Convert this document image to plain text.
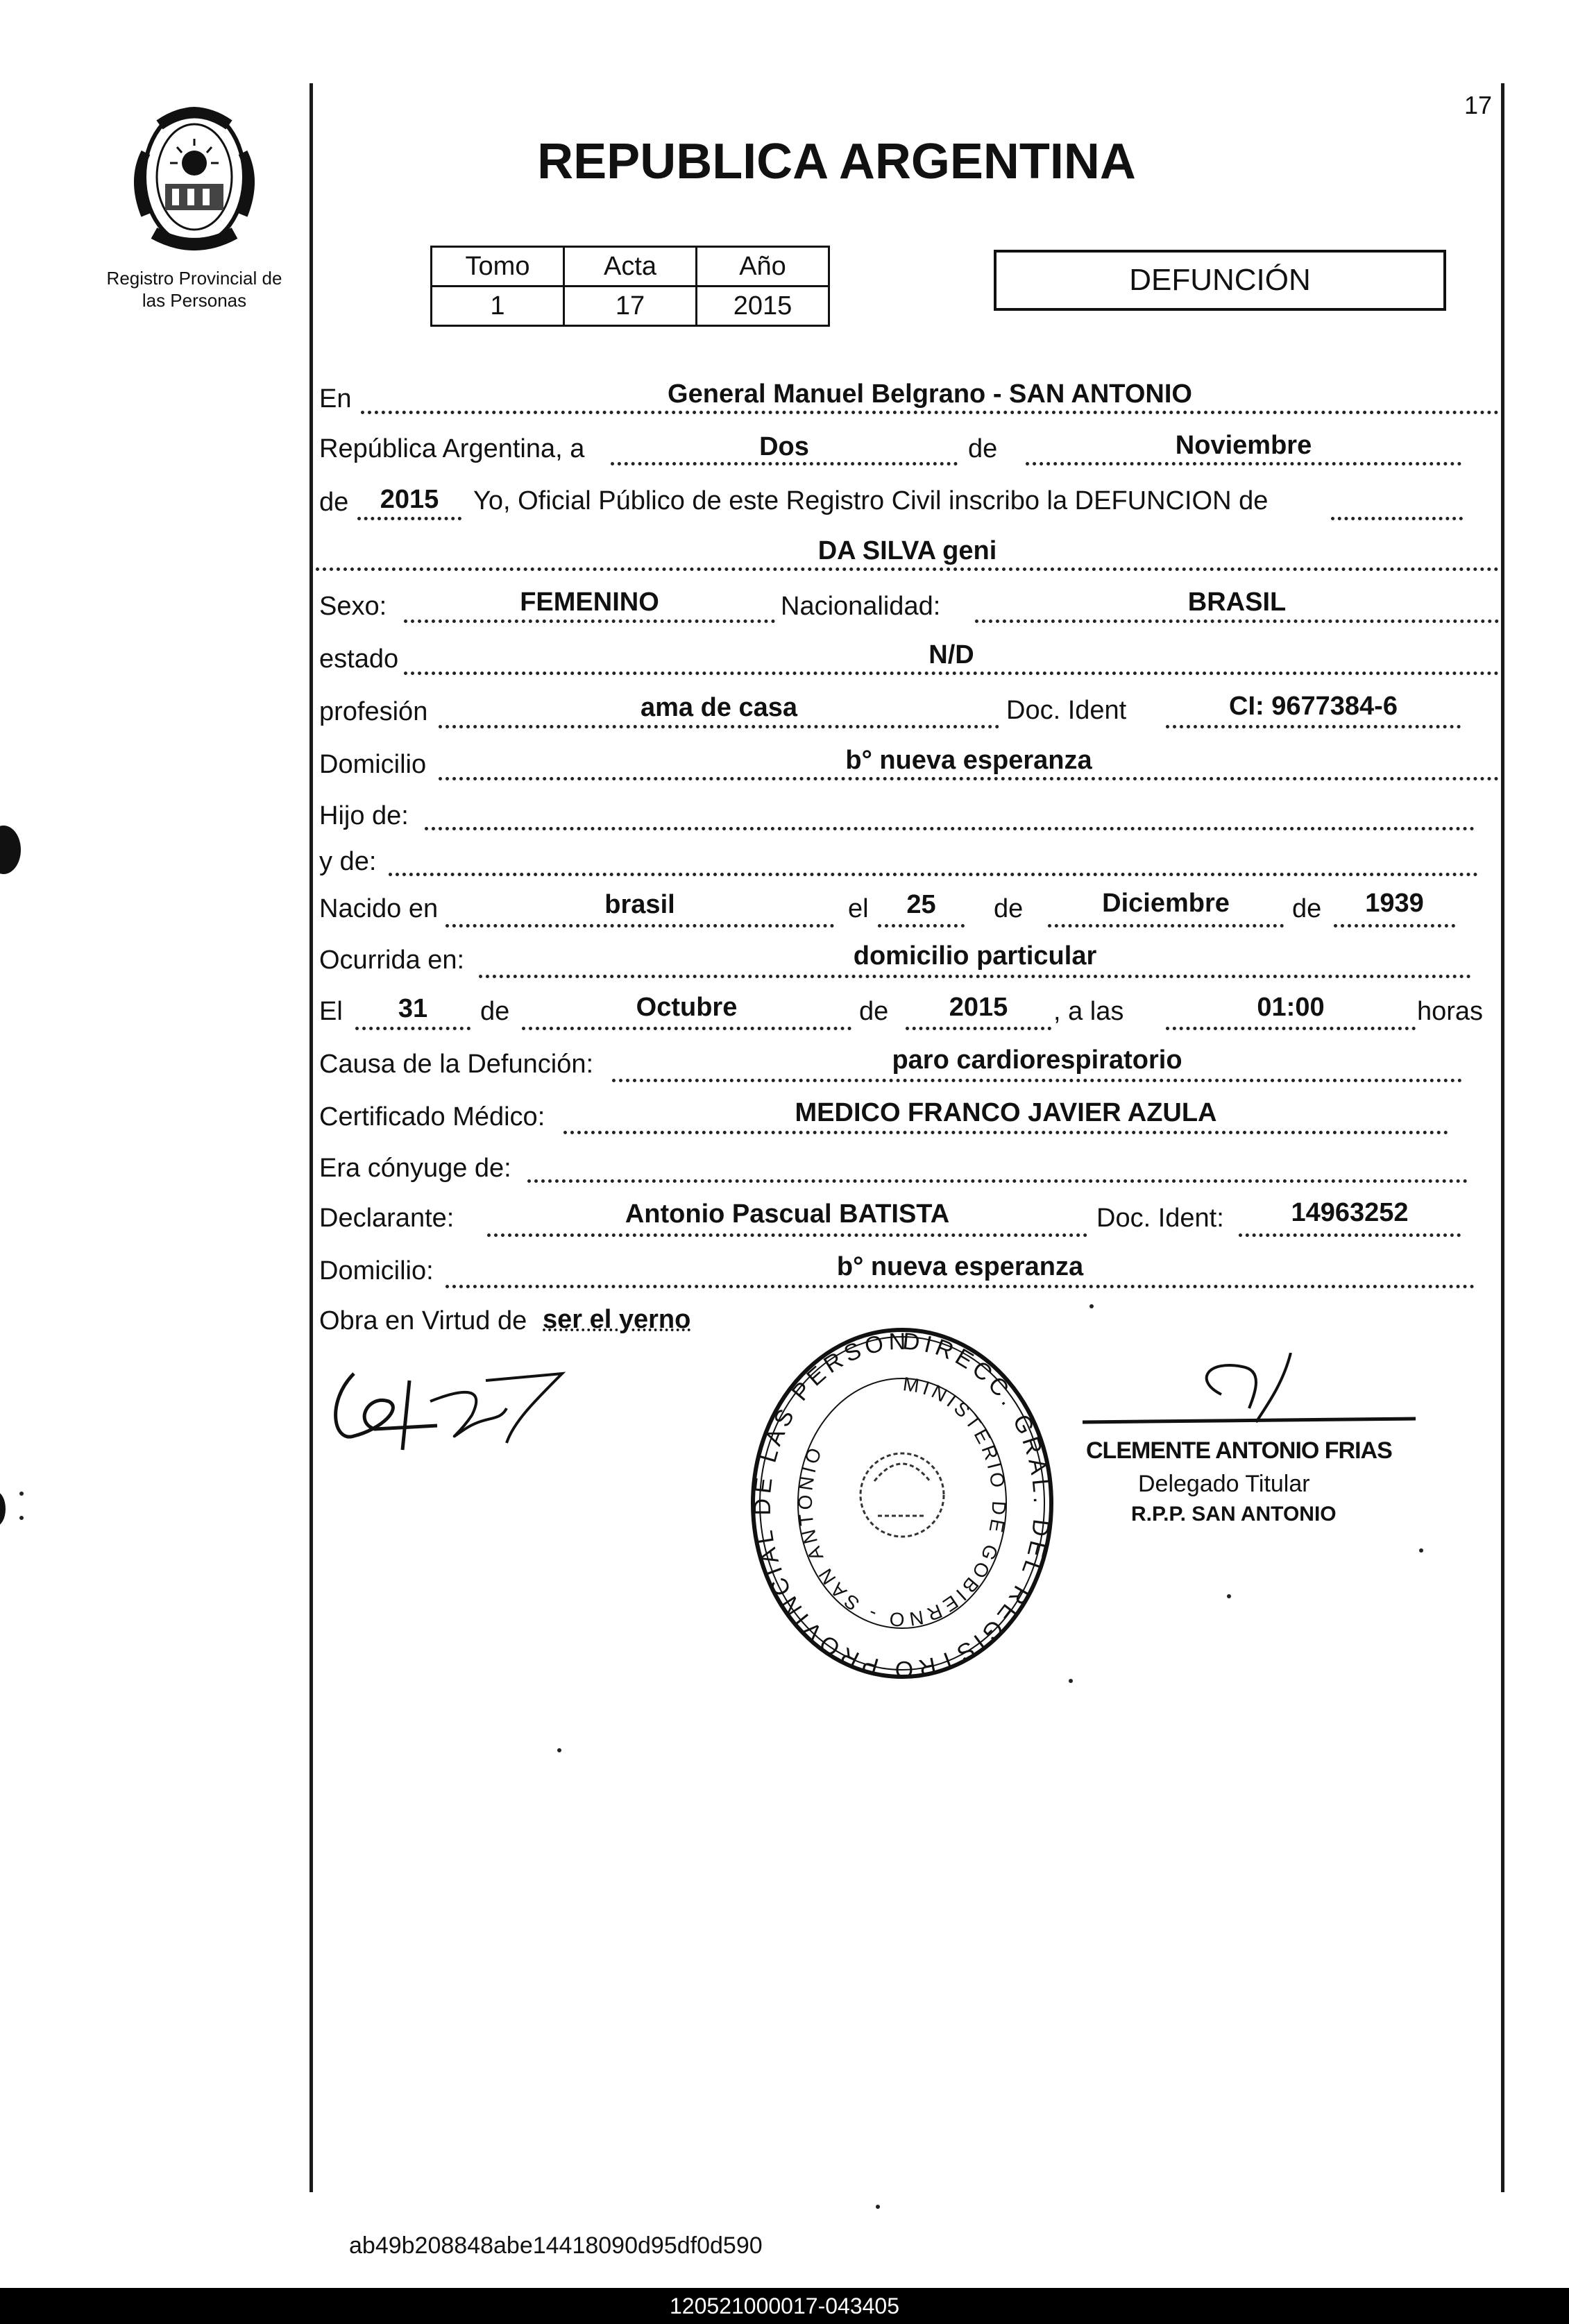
17
Registro Provincial de
las Personas
REPUBLICA ARGENTINA
Tomo	Acta	Año
1	17	2015
DEFUNCIÓN
En	General Manuel Belgrano - SAN ANTONIO
República Argentina, a	Dos	de	Noviembre
de	2015	Yo, Oficial Público de este Registro Civil inscribo la DEFUNCION de
DA SILVA geni
Sexo:	FEMENINO	Nacionalidad:	BRASIL
estado	N/D
profesión	ama de casa	Doc. Ident	CI: 9677384-6
Domicilio	b° nueva esperanza
Hijo de:
y de:
Nacido en	brasil	el	25	de	Diciembre	de	1939
Ocurrida en:	domicilio particular
El	31	de	Octubre	de	2015	, a las	01:00	horas
Causa de la Defunción:	paro cardiorespiratorio
Certificado Médico:	MEDICO FRANCO JAVIER AZULA
Era cónyuge de:
Declarante:	Antonio Pascual BATISTA	Doc. Ident:	14963252
Domicilio:	b° nueva esperanza
Obra en Virtud de ser el yerno
DIRECC. GRAL. DEL REGISTRO PROVINCIAL DE LAS PERSON
MINISTERIO DE GOBIERNO - SAN ANTONIO	CLEMENTE ANTONIO FRIAS
Delegado Titular
R.P.P. SAN ANTONIO
ab49b208848abe14418090d95df0d590
120521000017-043405
